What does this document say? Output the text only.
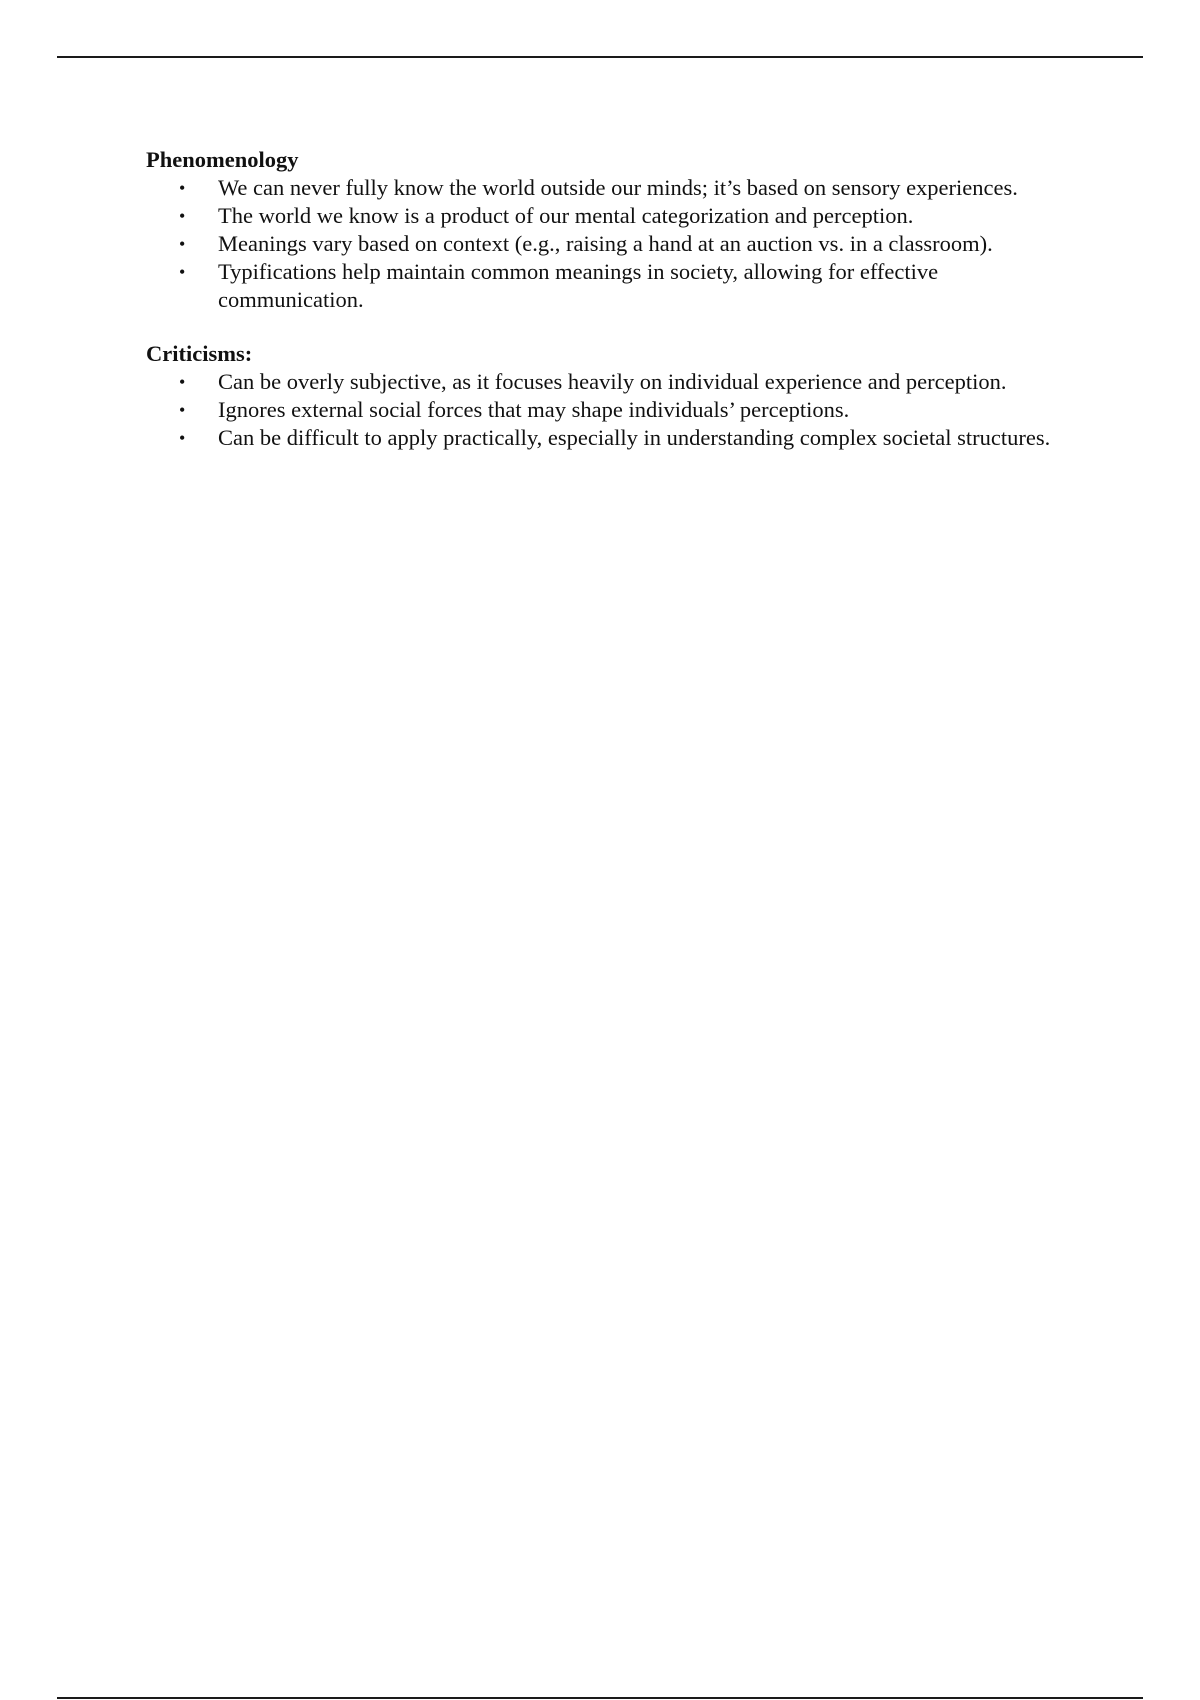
Phenomenology
• We can never fully know the world outside our minds; it’s based on sensory experiences.
• The world we know is a product of our mental categorization and perception.
• Meanings vary based on context (e.g., raising a hand at an auction vs. in a classroom).
• Typifications help maintain common meanings in society, allowing for effective communication.
Criticisms:
• Can be overly subjective, as it focuses heavily on individual experience and perception.
• Ignores external social forces that may shape individuals’ perceptions.
• Can be difficult to apply practically, especially in understanding complex societal structures.
